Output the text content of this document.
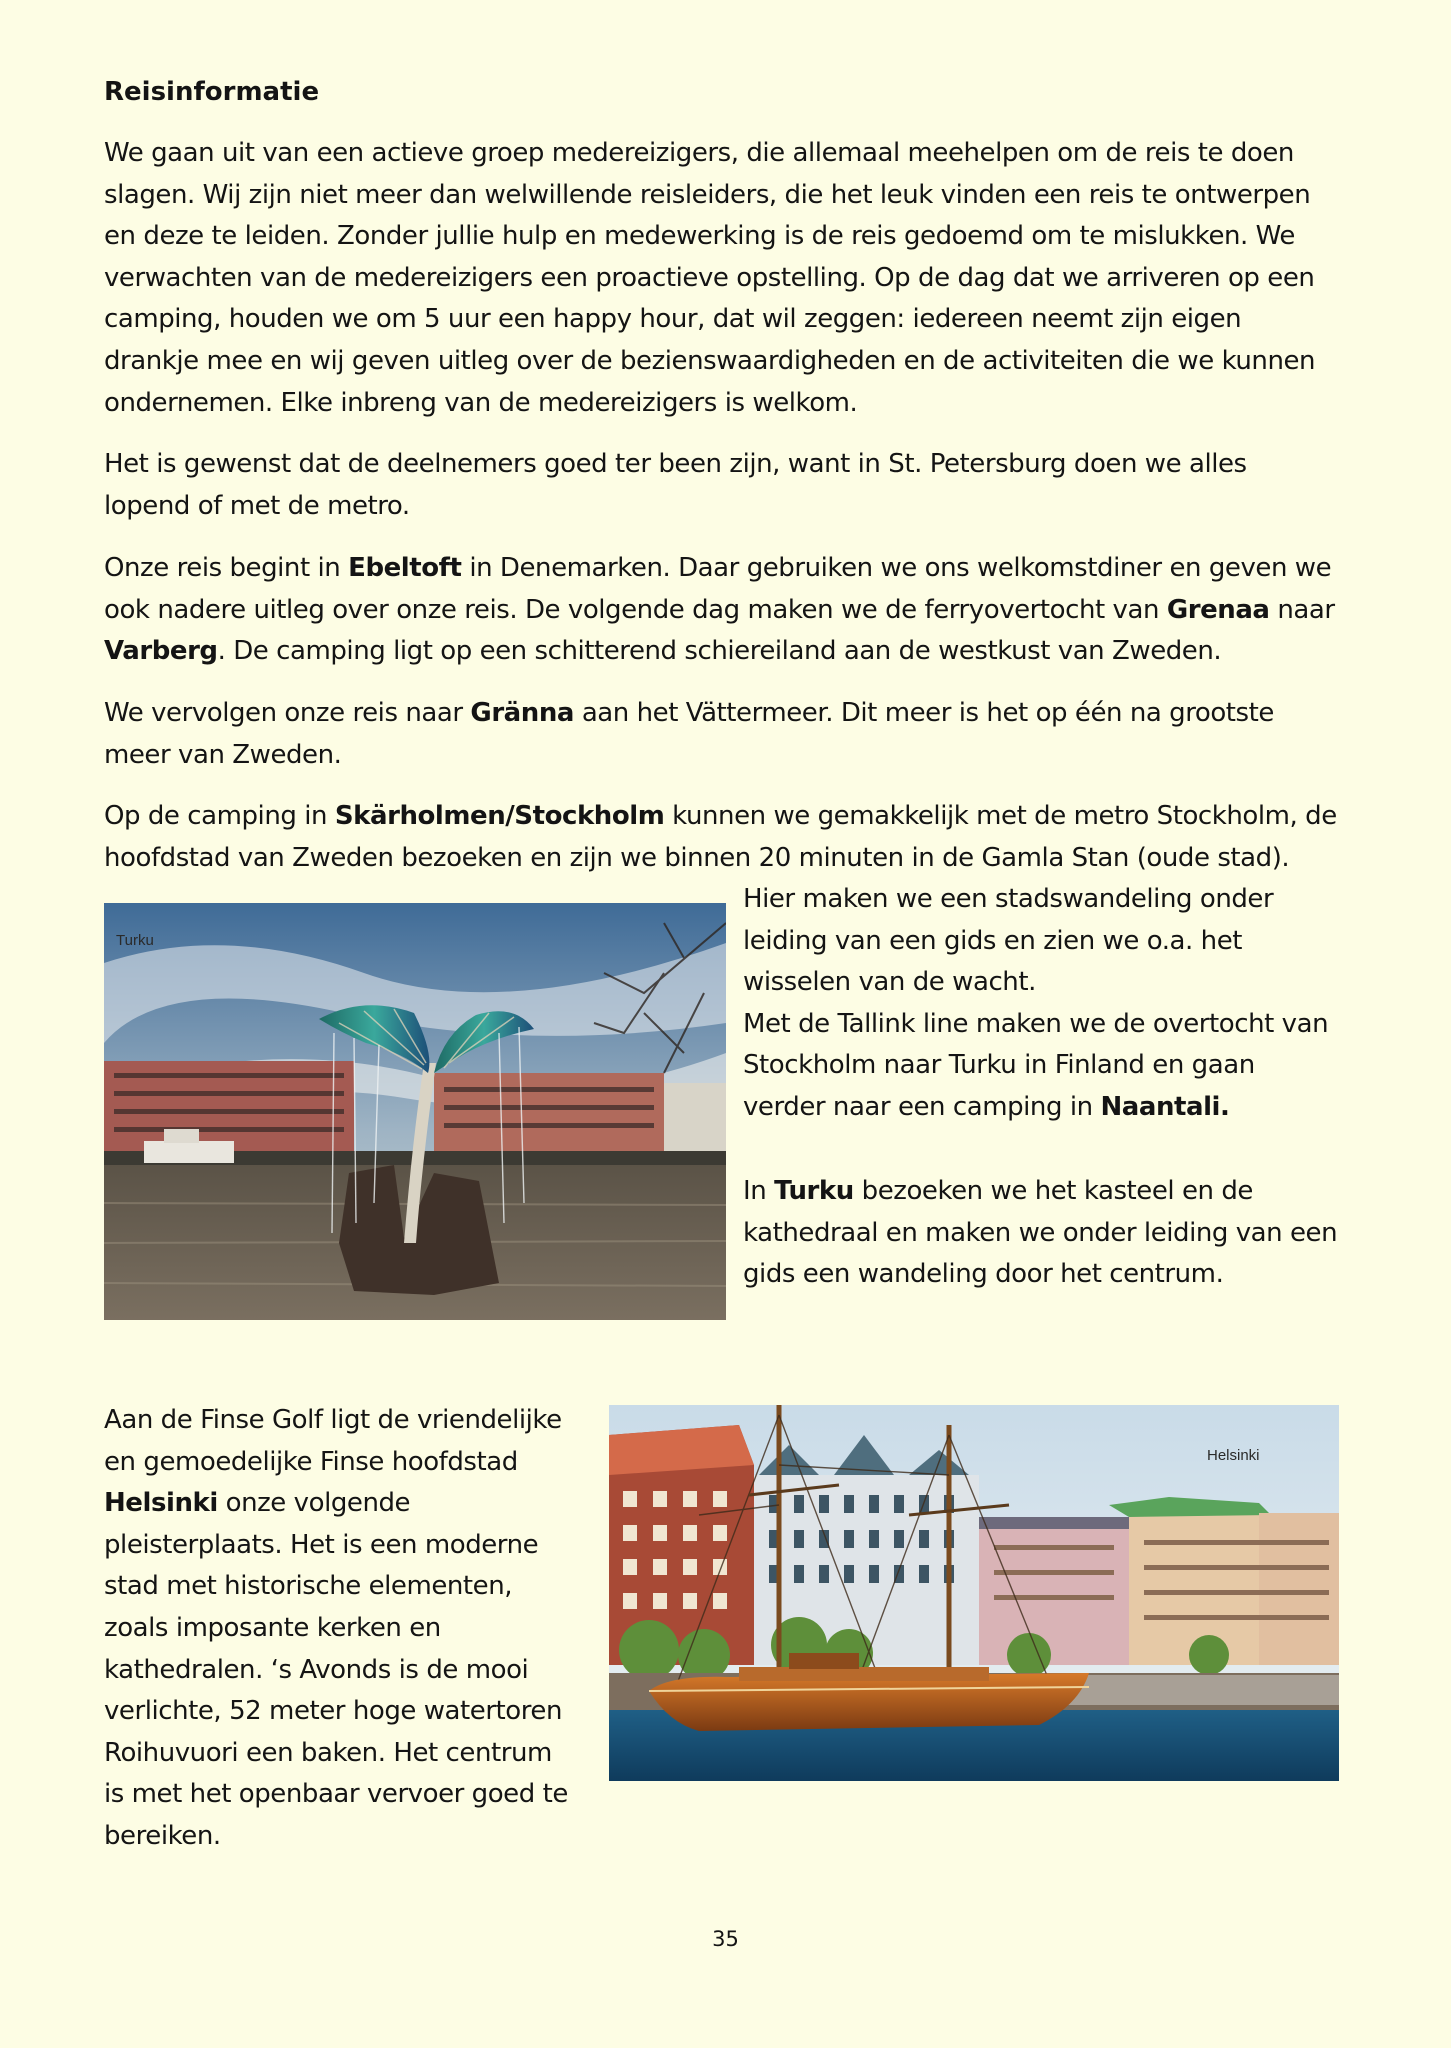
Reisinformatie

We gaan uit van een actieve groep medereizigers, die allemaal meehelpen om de reis te doen
slagen. Wij zijn niet meer dan welwillende reisleiders, die het leuk vinden een reis te ontwerpen
en deze te leiden. Zonder jullie hulp en medewerking is de reis gedoemd om te mislukken. We
verwachten van de medereizigers een proactieve opstelling. Op de dag dat we arriveren op een
camping, houden we om 5 uur een happy hour, dat wil zeggen: iedereen neemt zijn eigen
drankje mee en wij geven uitleg over de bezienswaardigheden en de activiteiten die we kunnen
ondernemen. Elke inbreng van de medereizigers is welkom.

Het is gewenst dat de deelnemers goed ter been zijn, want in St. Petersburg doen we alles
lopend of met de metro.

Onze reis begint in Ebeltoft in Denemarken. Daar gebruiken we ons welkomstdiner en geven we
ook nadere uitleg over onze reis. De volgende dag maken we de ferryovertocht van Grenaa naar
Varberg. De camping ligt op een schitterend schiereiland aan de westkust van Zweden.

We vervolgen onze reis naar Gränna aan het Vättermeer. Dit meer is het op één na grootste
meer van Zweden.

Op de camping in Skärholmen/Stockholm kunnen we gemakkelijk met de metro Stockholm, de
hoofdstad van Zweden bezoeken en zijn we binnen 20 minuten in de Gamla Stan (oude stad).

Turku

Hier maken we een stadswandeling onder
leiding van een gids en zien we o.a. het
wisselen van de wacht.
Met de Tallink line maken we de overtocht van
Stockholm naar Turku in Finland en gaan
verder naar een camping in Naantali.

In Turku bezoeken we het kasteel en de
kathedraal en maken we onder leiding van een
gids een wandeling door het centrum.

Aan de Finse Golf ligt de vriendelijke
en gemoedelijke Finse hoofdstad
Helsinki onze volgende
pleisterplaats. Het is een moderne
stad met historische elementen,
zoals imposante kerken en
kathedralen. ‘s Avonds is de mooi
verlichte, 52 meter hoge watertoren
Roihuvuori een baken. Het centrum
is met het openbaar vervoer goed te
bereiken.

Helsinki

35
